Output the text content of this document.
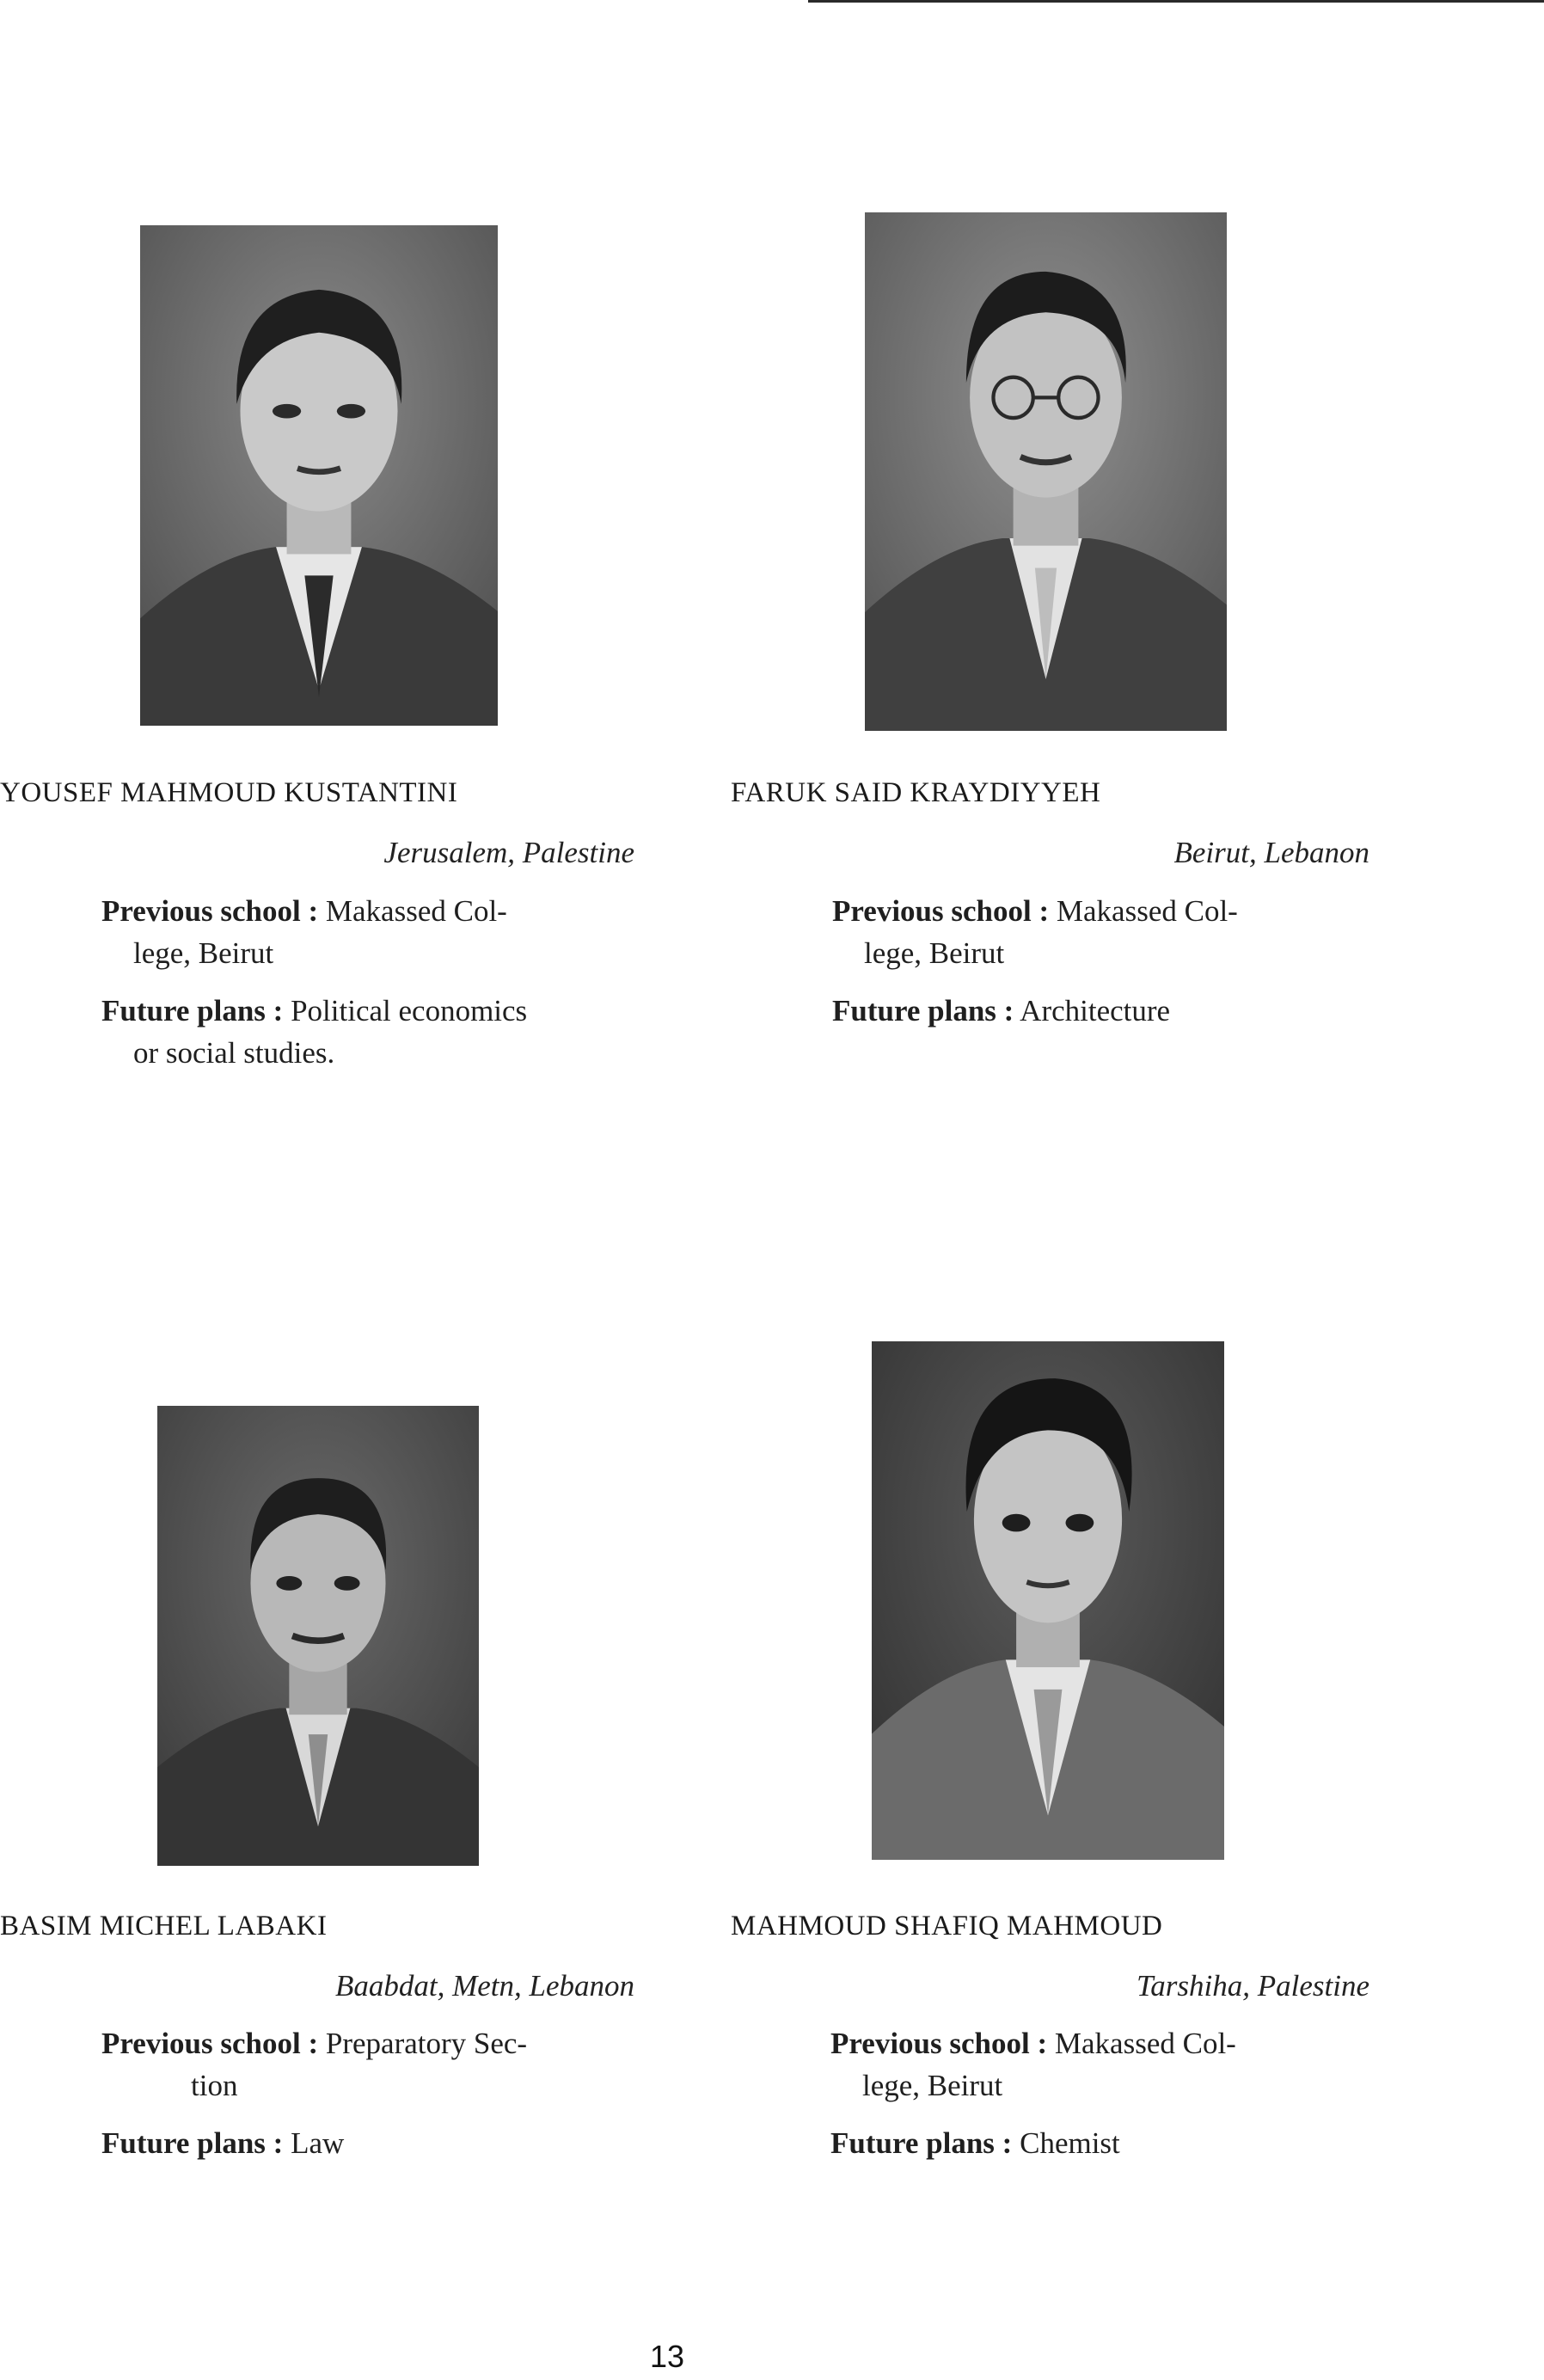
YOUSEF MAHMOUD KUSTANTINI
Jerusalem, Palestine
Previous school : Makassed Col-
lege, Beirut
Future plans : Political economics
or social studies.
FARUK SAID KRAYDIYYEH
Beirut, Lebanon
Previous school : Makassed Col-
lege, Beirut
Future plans : Architecture
BASIM MICHEL LABAKI
Baabdat, Metn, Lebanon
Previous school : Preparatory Sec-
tion
Future plans : Law
MAHMOUD SHAFIQ MAHMOUD
Tarshiha, Palestine
Previous school : Makassed Col-
lege, Beirut
Future plans : Chemist
13
